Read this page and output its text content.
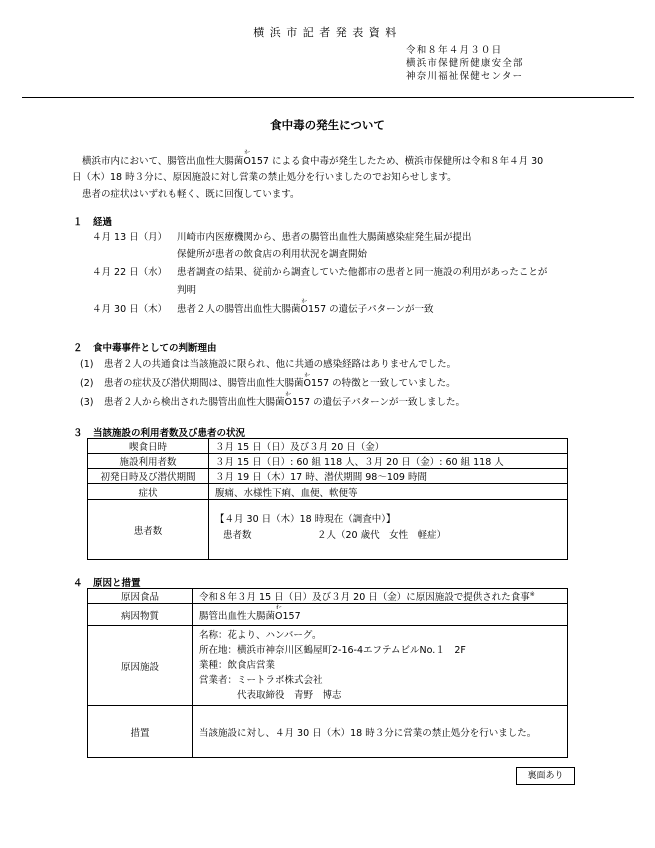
横浜市記者発表資料
令和８年４月３０日
横浜市保健所健康安全部
神奈川福祉保健センター
食中毒の発生について
横浜市内において、腸管出血性大腸菌
ｵｰ
O157 による食中毒が発生したため、横浜市保健所は令和８年４月 30
日（木）18 時３分に、原因施設に対し営業の禁止処分を行いましたのでお知らせします。
患者の症状はいずれも軽く、既に回復しています。
１ 経過
４月 13 日（月） 川崎市内医療機関から、患者の腸管出血性大腸菌感染症発生届が提出
保健所が患者の飲食店の利用状況を調査開始
４月 22 日（水） 患者調査の結果、従前から調査していた他都市の患者と同一施設の利用があったことが
判明
４月 30 日（木） 患者２人の腸管出血性大腸菌
ｵｰ
O157 の遺伝子パターンが一致
２ 食中毒事件としての判断理由
(1) 患者２人の共通食は当該施設に限られ、他に共通の感染経路はありませんでした。
(2) 患者の症状及び潜伏期間は、腸管出血性大腸菌
ｵｰ
O157 の特徴と一致していました。
(3) 患者２人から検出された腸管出血性大腸菌
ｵｰ
O157 の遺伝子パターンが一致しました。
３ 当該施設の利用者数及び患者の状況
喫食日時	３月 15 日（日）及び３月 20 日（金）
施設利用者数	３月 15 日（日）: 60 組 118 人、３月 20 日（金）: 60 組 118 人
初発日時及び潜伏期間	３月 19 日（木）17 時、潜伏期間 98～109 時間
症状	腹痛、水様性下痢、血便、軟便等
患者数	【４月 30 日（木）18 時現在（調査中）】
患者数 ２人（20 歳代　女性　軽症）
４ 原因と措置
原因食品	令和８年３月 15 日（日）及び３月 20 日（金）に原因施設で提供された食事※
病因物質	腸管出血性大腸菌
ｵｰ
O157
原因施設	名称：花より、ハンバーグ。
所在地：横浜市神奈川区鶴屋町2-16-4エフテムビルNo.１　2F
業種：飲食店営業
営業者：ミートラボ株式会社
　　　　代表取締役　青野　博志

措置	当該施設に対し、４月 30 日（木）18 時３分に営業の禁止処分を行いました。
裏面あり
